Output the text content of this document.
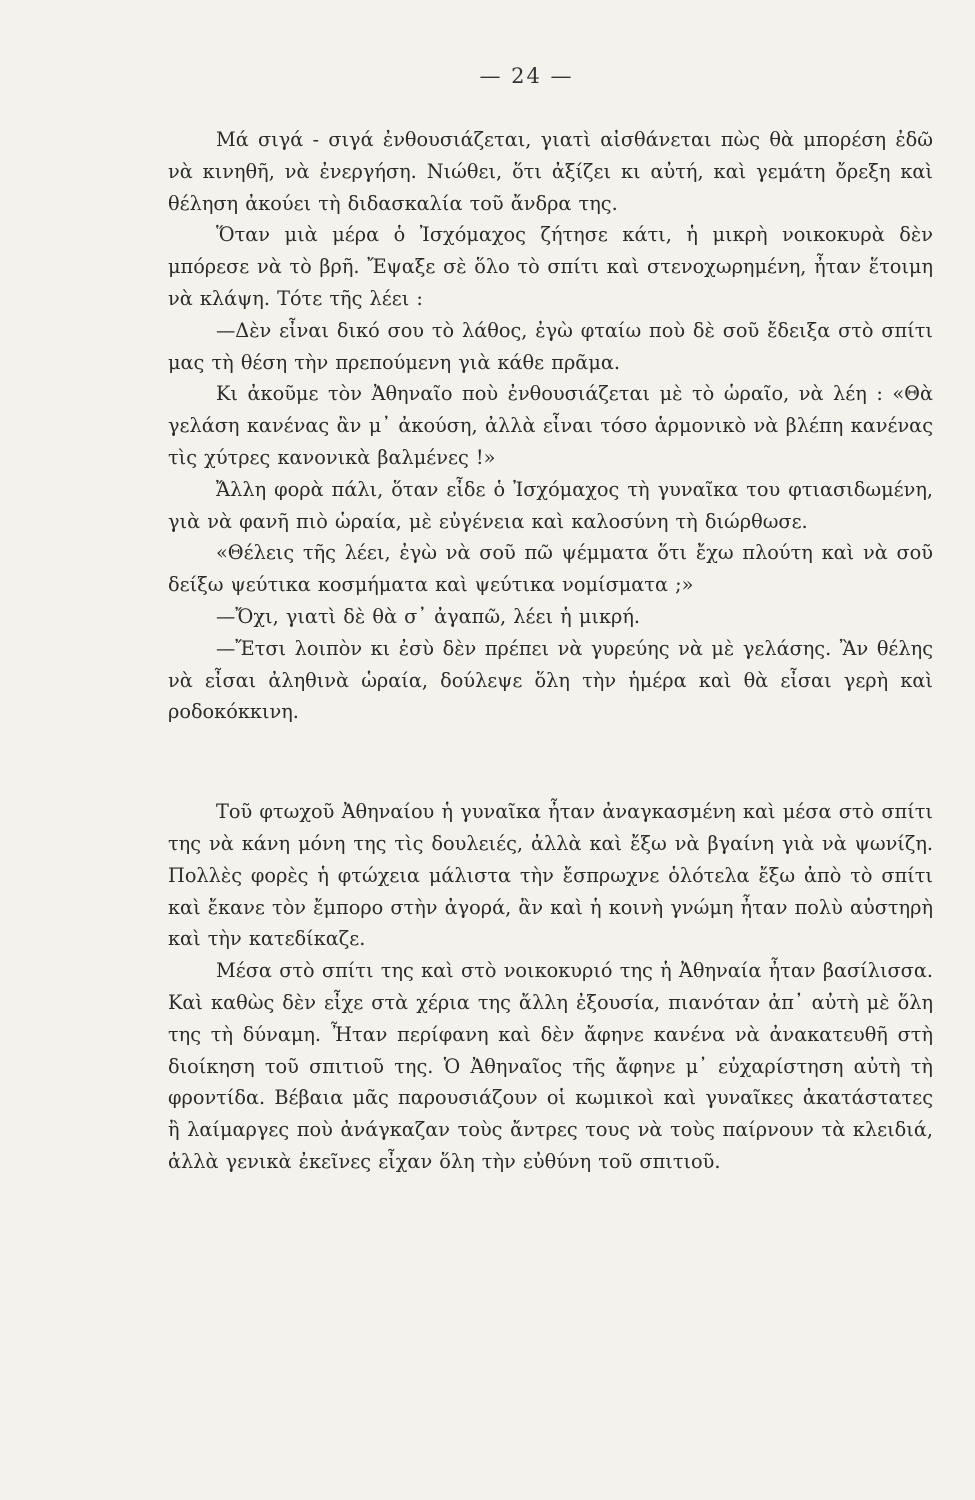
— 24 —

Μά σιγά - σιγά ἐνθουσιάζεται, γιατὶ αἰσθάνεται πὼς θὰ μπορέση ἐδῶ νὰ κινηθῆ, νὰ ἐνεργήση. Νιώθει, ὅτι ἀξίζει κι αὐτή, καὶ γεμάτη ὄρεξη καὶ θέληση ἀκούει τὴ διδασκαλία τοῦ ἄνδρα της.

Ὅταν μιὰ μέρα ὁ Ἰσχόμαχος ζήτησε κάτι, ἡ μικρὴ νοικοκυρὰ δὲν μπόρεσε νὰ τὸ βρῆ. Ἔψαξε σὲ ὅλο τὸ σπίτι καὶ στενοχωρημένη, ἦταν ἕτοιμη νὰ κλάψη. Τότε τῆς λέει :

—Δὲν εἶναι δικό σου τὸ λάθος, ἐγὼ φταίω ποὺ δὲ σοῦ ἔδειξα στὸ σπίτι μας τὴ θέση τὴν πρεπούμενη γιὰ κάθε πρᾶμα.

Κι ἀκοῦμε τὸν Ἀθηναῖο ποὺ ἐνθουσιάζεται μὲ τὸ ὡραῖο, νὰ λέη : «Θὰ γελάση κανένας ἂν μ᾽ ἀκούση, ἀλλὰ εἶναι τόσο ἁρμονικὸ νὰ βλέπη κανένας τὶς χύτρες κανονικὰ βαλμένες !»

Ἄλλη φορὰ πάλι, ὅταν εἶδε ὁ Ἰσχόμαχος τὴ γυναῖκα του φτιασιδωμένη, γιὰ νὰ φανῆ πιὸ ὡραία, μὲ εὐγένεια καὶ καλοσύνη τὴ διώρθωσε.

«Θέλεις τῆς λέει, ἐγὼ νὰ σοῦ πῶ ψέμματα ὅτι ἔχω πλούτη καὶ νὰ σοῦ δείξω ψεύτικα κοσμήματα καὶ ψεύτικα νομίσματα ;»

—Ὄχι, γιατὶ δὲ θὰ σ᾽ ἀγαπῶ, λέει ἡ μικρή.

—Ἔτσι λοιπὸν κι ἐσὺ δὲν πρέπει νὰ γυρεύης νὰ μὲ γελάσης. Ἂν θέλης νὰ εἶσαι ἀληθινὰ ὡραία, δούλεψε ὅλη τὴν ἡμέρα καὶ θὰ εἶσαι γερὴ καὶ ροδοκόκκινη.

Τοῦ φτωχοῦ Ἀθηναίου ἡ γυναῖκα ἦταν ἀναγκασμένη καὶ μέσα στὸ σπίτι της νὰ κάνη μόνη της τὶς δουλειές, ἀλλὰ καὶ ἔξω νὰ βγαίνη γιὰ νὰ ψωνίζη. Πολλὲς φορὲς ἡ φτώχεια μάλιστα τὴν ἔσπρωχνε ὁλότελα ἔξω ἀπὸ τὸ σπίτι καὶ ἔκανε τὸν ἔμπορο στὴν ἀγορά, ἂν καὶ ἡ κοινὴ γνώμη ἦταν πολὺ αὐστηρὴ καὶ τὴν κατεδίκαζε.

Μέσα στὸ σπίτι της καὶ στὸ νοικοκυριό της ἡ Ἀθηναία ἦταν βασίλισσα. Καὶ καθὼς δὲν εἶχε στὰ χέρια της ἄλλη ἐξουσία, πιανόταν ἀπ᾽ αὐτὴ μὲ ὅλη της τὴ δύναμη. Ἦταν περίφανη καὶ δὲν ἄφηνε κανένα νὰ ἀνακατευθῆ στὴ διοίκηση τοῦ σπιτιοῦ της. Ὁ Ἀθηναῖος τῆς ἄφηνε μ᾽ εὐχαρίστηση αὐτὴ τὴ φροντίδα. Βέβαια μᾶς παρουσιάζουν οἱ κωμικοὶ καὶ γυναῖκες ἀκατάστατες ἢ λαίμαργες ποὺ ἀνάγκαζαν τοὺς ἄντρες τους νὰ τοὺς παίρνουν τὰ κλειδιά, ἀλλὰ γενικὰ ἐκεῖνες εἶχαν ὅλη τὴν εὐθύνη τοῦ σπιτιοῦ.
